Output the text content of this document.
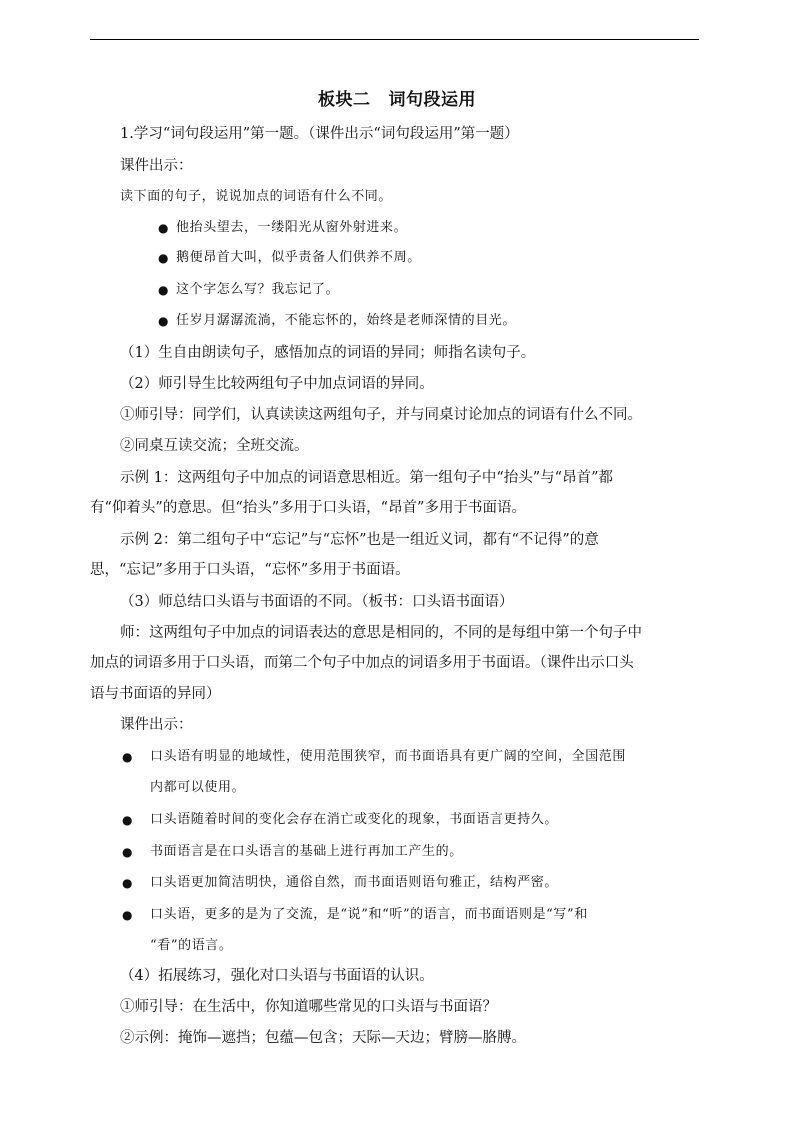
板块二 词句段运用
1.学习“词句段运用”第一题。（课件出示“词句段运用”第一题）
课件出示：
读下面的句子，说说加点的词语有什么不同。
● 他抬头望去，一缕阳光从窗外射进来。
● 鹅便昂首大叫，似乎责备人们供养不周。
● 这个字怎么写？我忘记了。
● 任岁月潺潺流淌，不能忘怀的，始终是老师深情的目光。
（1）生自由朗读句子，感悟加点的词语的异同；师指名读句子。
（2）师引导生比较两组句子中加点词语的异同。
①师引导：同学们，认真读读这两组句子，并与同桌讨论加点的词语有什么不同。
②同桌互读交流；全班交流。
示例 1：这两组句子中加点的词语意思相近。第一组句子中“抬头”与“昂首”都
有“仰着头”的意思。但“抬头”多用于口头语，“昂首”多用于书面语。
示例 2：第二组句子中“忘记”与“忘怀”也是一组近义词，都有“不记得”的意
思，“忘记”多用于口头语，“忘怀”多用于书面语。
（3）师总结口头语与书面语的不同。（板书：口头语书面语）
师：这两组句子中加点的词语表达的意思是相同的，不同的是每组中第一个句子中
加点的词语多用于口头语，而第二个句子中加点的词语多用于书面语。（课件出示口头
语与书面语的异同）
课件出示：
● 口头语有明显的地域性，使用范围狭窄，而书面语具有更广阔的空间，全国范围
内都可以使用。
● 口头语随着时间的变化会存在消亡或变化的现象，书面语言更持久。
● 书面语言是在口头语言的基础上进行再加工产生的。
● 口头语更加简洁明快，通俗自然，而书面语则语句雅正，结构严密。
● 口头语，更多的是为了交流，是“说”和“听”的语言，而书面语则是“写”和
“看”的语言。
（4）拓展练习，强化对口头语与书面语的认识。
①师引导：在生活中，你知道哪些常见的口头语与书面语？
②示例：掩饰—遮挡；包蕴—包含；天际—天边；臂膀—胳膊。
